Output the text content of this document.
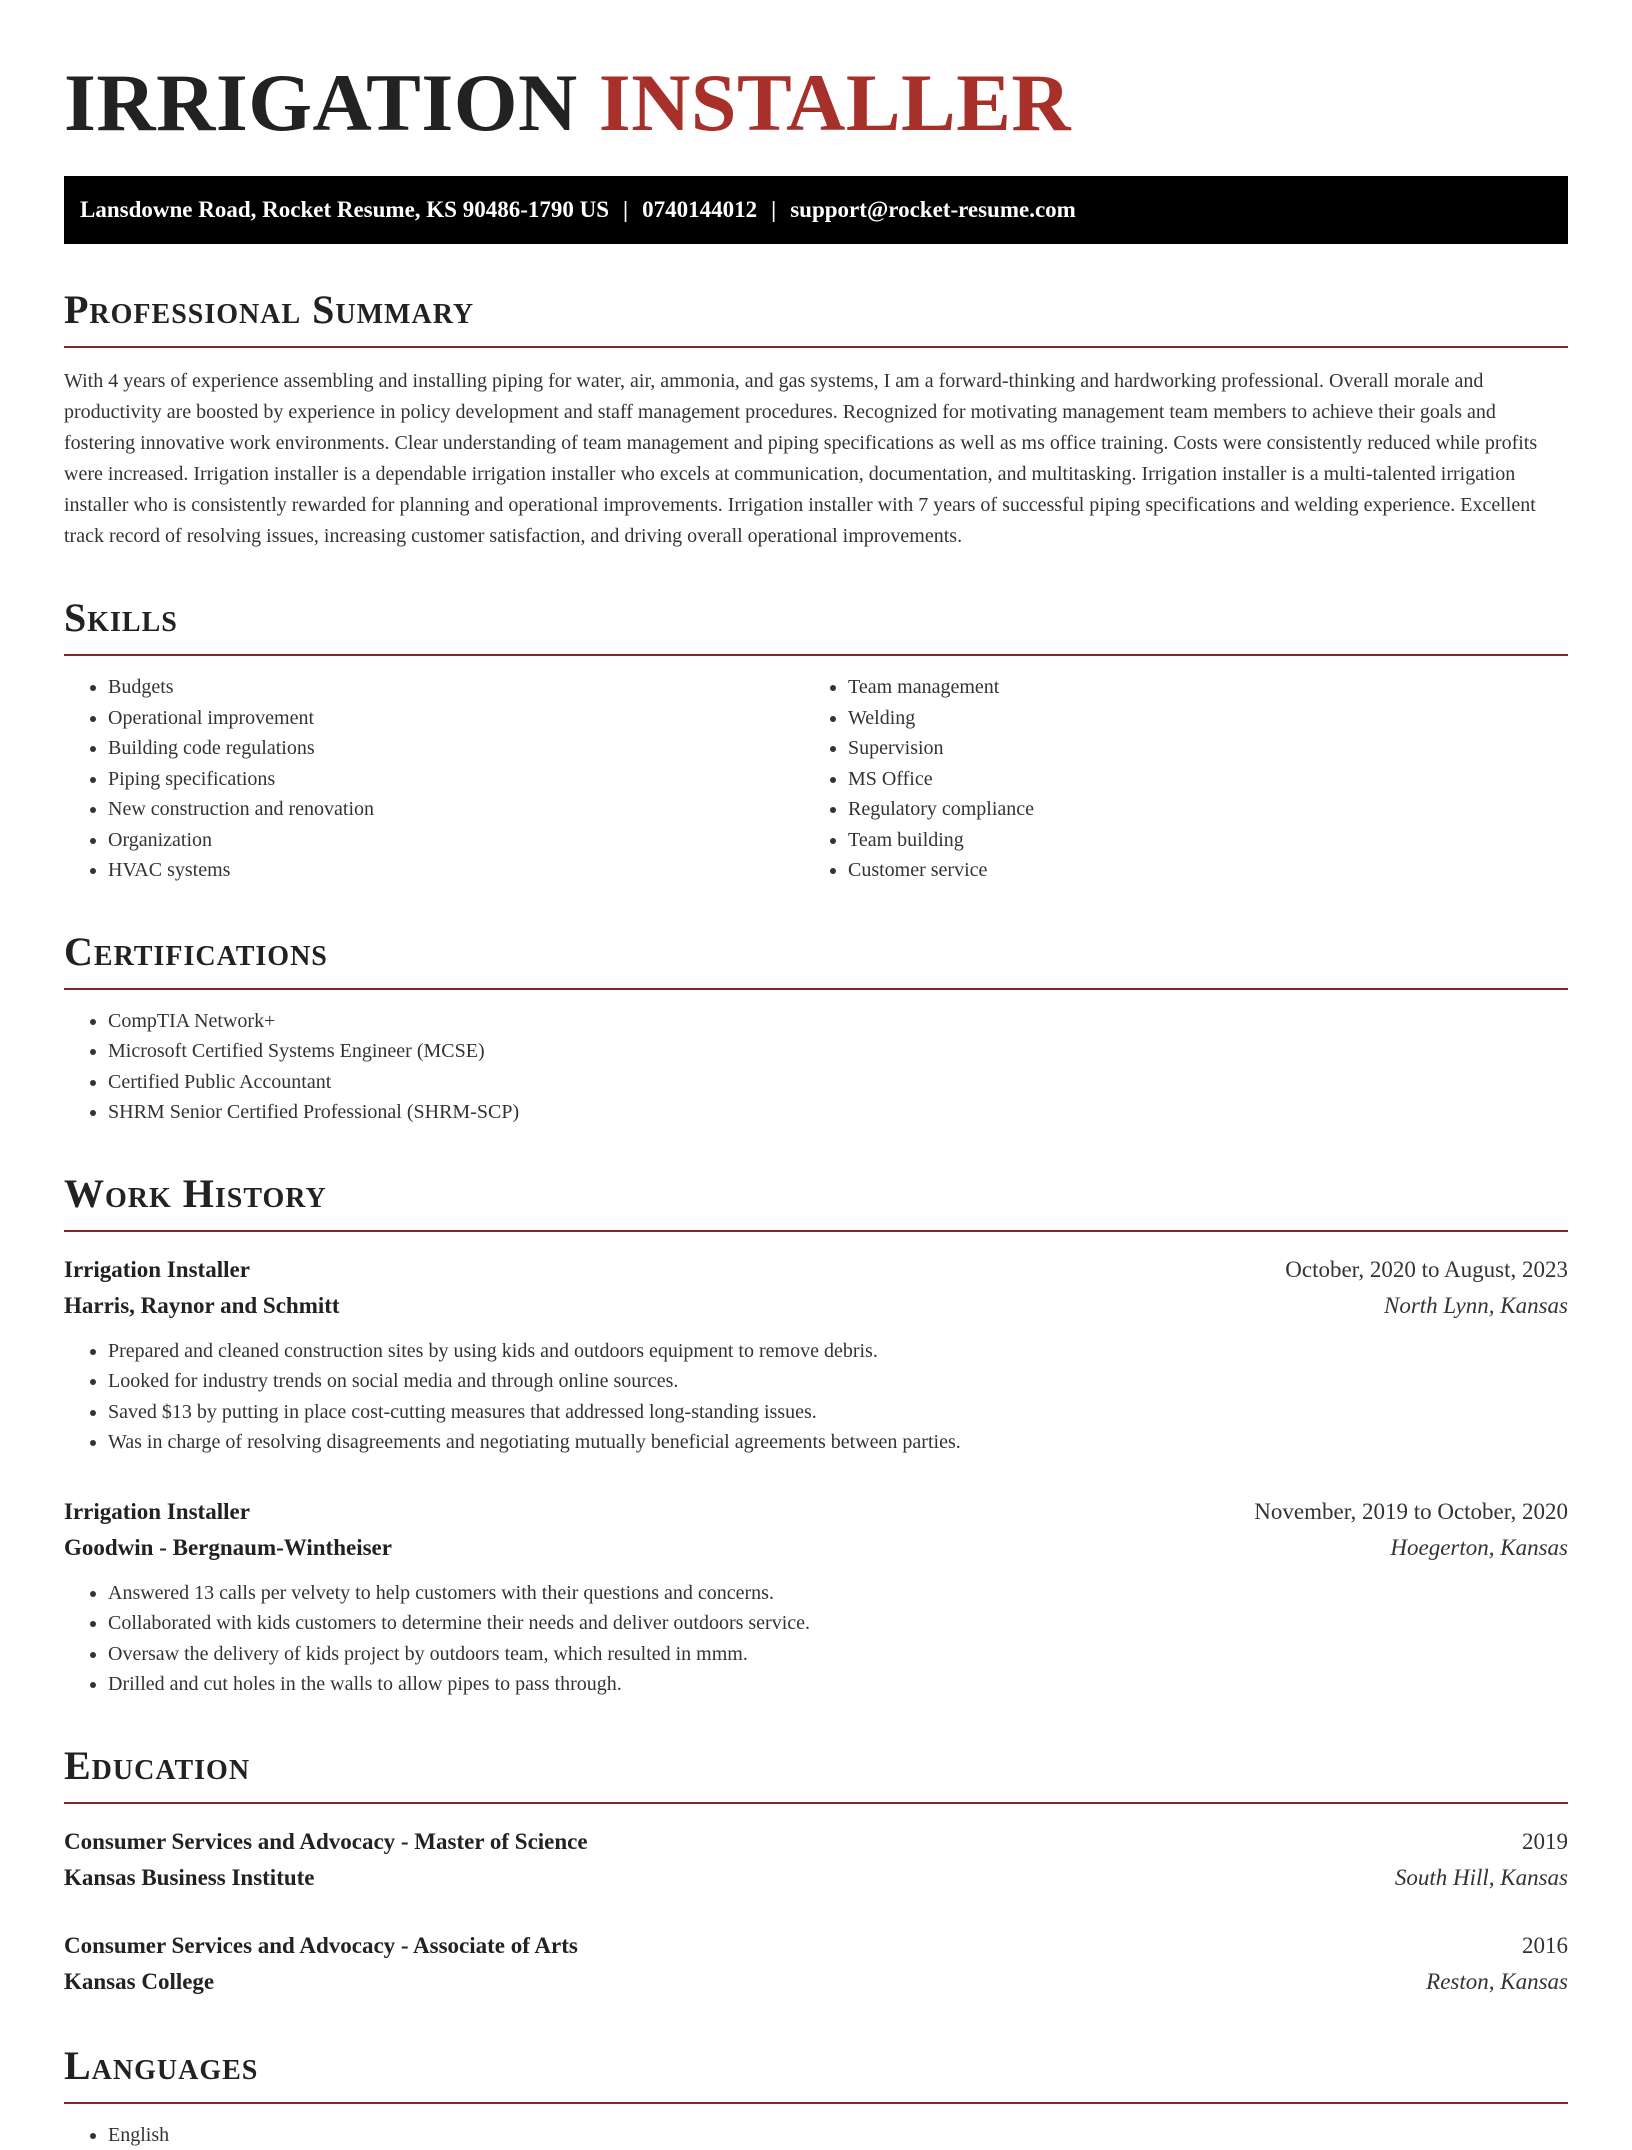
IRRIGATION INSTALLER
Lansdowne Road, Rocket Resume, KS 90486-1790 US | 0740144012 | support@rocket-resume.com
Professional Summary

With 4 years of experience assembling and installing piping for water, air, ammonia, and gas systems, I am a forward-thinking and hardworking professional. Overall morale and productivity are boosted by experience in policy development and staff management procedures. Recognized for motivating management team members to achieve their goals and fostering innovative work environments. Clear understanding of team management and piping specifications as well as ms office training. Costs were consistently reduced while profits were increased. Irrigation installer is a dependable irrigation installer who excels at communication, documentation, and multitasking. Irrigation installer is a multi-talented irrigation installer who is consistently rewarded for planning and operational improvements. Irrigation installer with 7 years of successful piping specifications and welding experience. Excellent track record of resolving issues, increasing customer satisfaction, and driving overall operational improvements.

Skills
• Budgets
• Operational improvement
• Building code regulations
• Piping specifications
• New construction and renovation
• Organization
• HVAC systems
• Team management
• Welding
• Supervision
• MS Office
• Regulatory compliance
• Team building
• Customer service
Certifications
• CompTIA Network+
• Microsoft Certified Systems Engineer (MCSE)
• Certified Public Accountant
• SHRM Senior Certified Professional (SHRM-SCP)
Work History
Irrigation Installer	October, 2020 to August, 2023
Harris, Raynor and Schmitt	North Lynn, Kansas
• Prepared and cleaned construction sites by using kids and outdoors equipment to remove debris.
• Looked for industry trends on social media and through online sources.
• Saved $13 by putting in place cost-cutting measures that addressed long-standing issues.
• Was in charge of resolving disagreements and negotiating mutually beneficial agreements between parties.
Irrigation Installer	November, 2019 to October, 2020
Goodwin - Bergnaum-Wintheiser	Hoegerton, Kansas
• Answered 13 calls per velvety to help customers with their questions and concerns.
• Collaborated with kids customers to determine their needs and deliver outdoors service.
• Oversaw the delivery of kids project by outdoors team, which resulted in mmm.
• Drilled and cut holes in the walls to allow pipes to pass through.
Education
Consumer Services and Advocacy - Master of Science	2019
Kansas Business Institute	South Hill, Kansas
Consumer Services and Advocacy - Associate of Arts	2016
Kansas College	Reston, Kansas
Languages
• English
